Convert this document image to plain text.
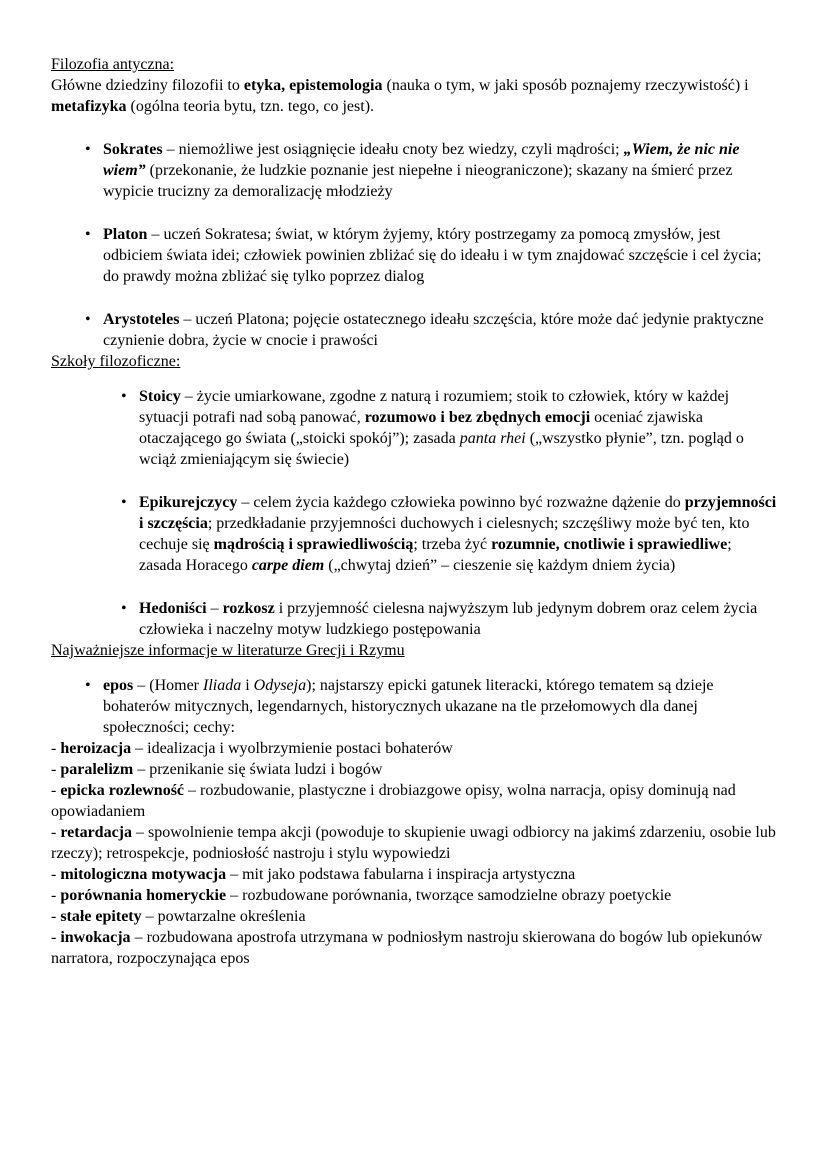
Filozofia antyczna:

Główne dziedziny filozofii to etyka, epistemologia (nauka o tym, w jaki sposób poznajemy rzeczywistość) i metafizyka (ogólna teoria bytu, tzn. tego, co jest).

• Sokrates – niemożliwe jest osiągnięcie ideału cnoty bez wiedzy, czyli mądrości; „Wiem, że nic nie wiem” (przekonanie, że ludzkie poznanie jest niepełne i nieograniczone); skazany na śmierć przez wypicie trucizny za demoralizację młodzieży
• Platon – uczeń Sokratesa; świat, w którym żyjemy, który postrzegamy za pomocą zmysłów, jest odbiciem świata idei; człowiek powinien zbliżać się do ideału i w tym znajdować szczęście i cel życia; do prawdy można zbliżać się tylko poprzez dialog
• Arystoteles – uczeń Platona; pojęcie ostatecznego ideału szczęścia, które może dać jedynie praktyczne czynienie dobra, życie w cnocie i prawości

Szkoły filozoficzne:

• Stoicy – życie umiarkowane, zgodne z naturą i rozumiem; stoik to człowiek, który w każdej sytuacji potrafi nad sobą panować, rozumowo i bez zbędnych emocji oceniać zjawiska otaczającego go świata („stoicki spokój”); zasada panta rhei („wszystko płynie”, tzn. pogląd o wciąż zmieniającym się świecie)
• Epikurejczycy – celem życia każdego człowieka powinno być rozważne dążenie do przyjemności i szczęścia; przedkładanie przyjemności duchowych i cielesnych; szczęśliwy może być ten, kto cechuje się mądrością i sprawiedliwością; trzeba żyć rozumnie, cnotliwie i sprawiedliwe; zasada Horacego carpe diem („chwytaj dzień” – cieszenie się każdym dniem życia)
• Hedoniści – rozkosz i przyjemność cielesna najwyższym lub jedynym dobrem oraz celem życia człowieka i naczelny motyw ludzkiego postępowania

Najważniejsze informacje w literaturze Grecji i Rzymu

• epos – (Homer Iliada i Odyseja); najstarszy epicki gatunek literacki, którego tematem są dzieje bohaterów mitycznych, legendarnych, historycznych ukazane na tle przełomowych dla danej społeczności; cechy:

- heroizacja – idealizacja i wyolbrzymienie postaci bohaterów

- paralelizm – przenikanie się świata ludzi i bogów

- epicka rozlewność – rozbudowanie, plastyczne i drobiazgowe opisy, wolna narracja, opisy dominują nad opowiadaniem

- retardacja – spowolnienie tempa akcji (powoduje to skupienie uwagi odbiorcy na jakimś zdarzeniu, osobie lub rzeczy); retrospekcje, podniosłość nastroju i stylu wypowiedzi

- mitologiczna motywacja – mit jako podstawa fabularna i inspiracja artystyczna

- porównania homeryckie – rozbudowane porównania, tworzące samodzielne obrazy poetyckie

- stałe epitety – powtarzalne określenia

- inwokacja – rozbudowana apostrofa utrzymana w podniosłym nastroju skierowana do bogów lub opiekunów narratora, rozpoczynająca epos
